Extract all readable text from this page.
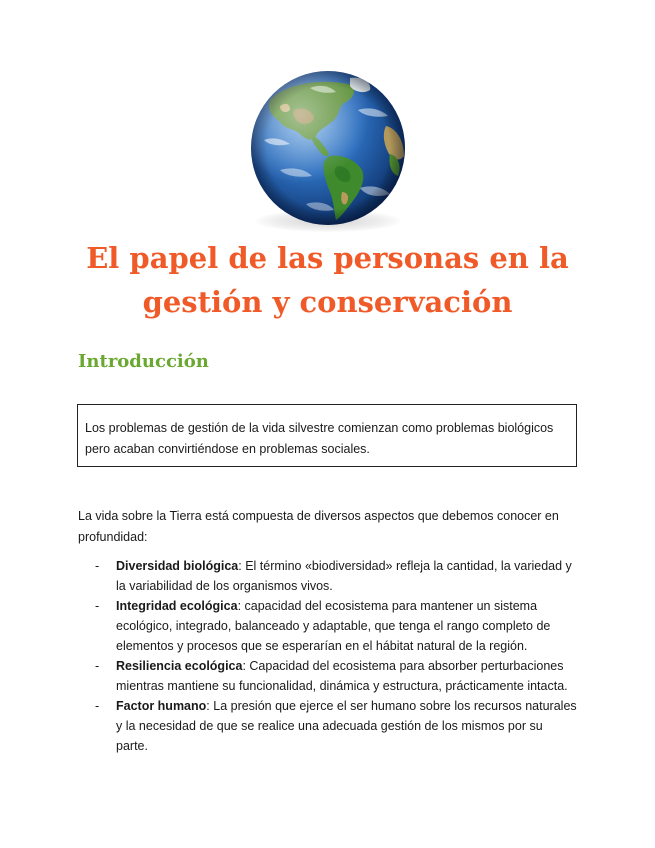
El papel de las personas en la
gestión y conservación
Introducción
Los problemas de gestión de la vida silvestre comienzan como problemas biológicos pero acaban convirtiéndose en problemas sociales.

La vida sobre la Tierra está compuesta de diversos aspectos que debemos conocer en profundidad:

- Diversidad biológica: El término «biodiversidad» refleja la cantidad, la variedad y la variabilidad de los organismos vivos.
- Integridad ecológica: capacidad del ecosistema para mantener un sistema ecológico, integrado, balanceado y adaptable, que tenga el rango completo de elementos y procesos que se esperarían en el hábitat natural de la región.
- Resiliencia ecológica: Capacidad del ecosistema para absorber perturbaciones mientras mantiene su funcionalidad, dinámica y estructura, prácticamente intacta.
- Factor humano: La presión que ejerce el ser humano sobre los recursos naturales y la necesidad de que se realice una adecuada gestión de los mismos por su parte.
